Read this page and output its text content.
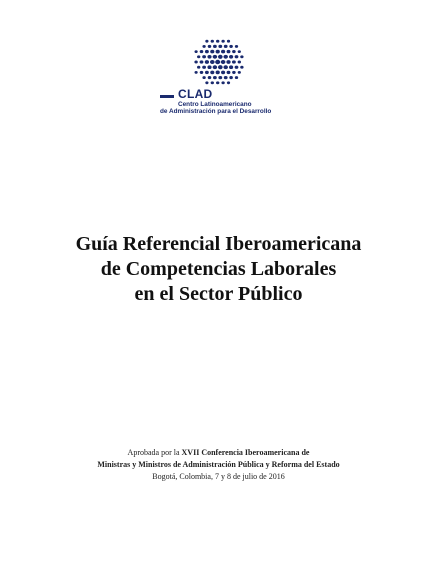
CLAD
Centro Latinoamericano
de Administración para el Desarrollo
Guía Referencial Iberoamericana
de Competencias Laborales
en el Sector Público
Aprobada por la XVII Conferencia Iberoamericana de
Ministras y Ministros de Administración Pública y Reforma del Estado
Bogotá, Colombia, 7 y 8 de julio de 2016
